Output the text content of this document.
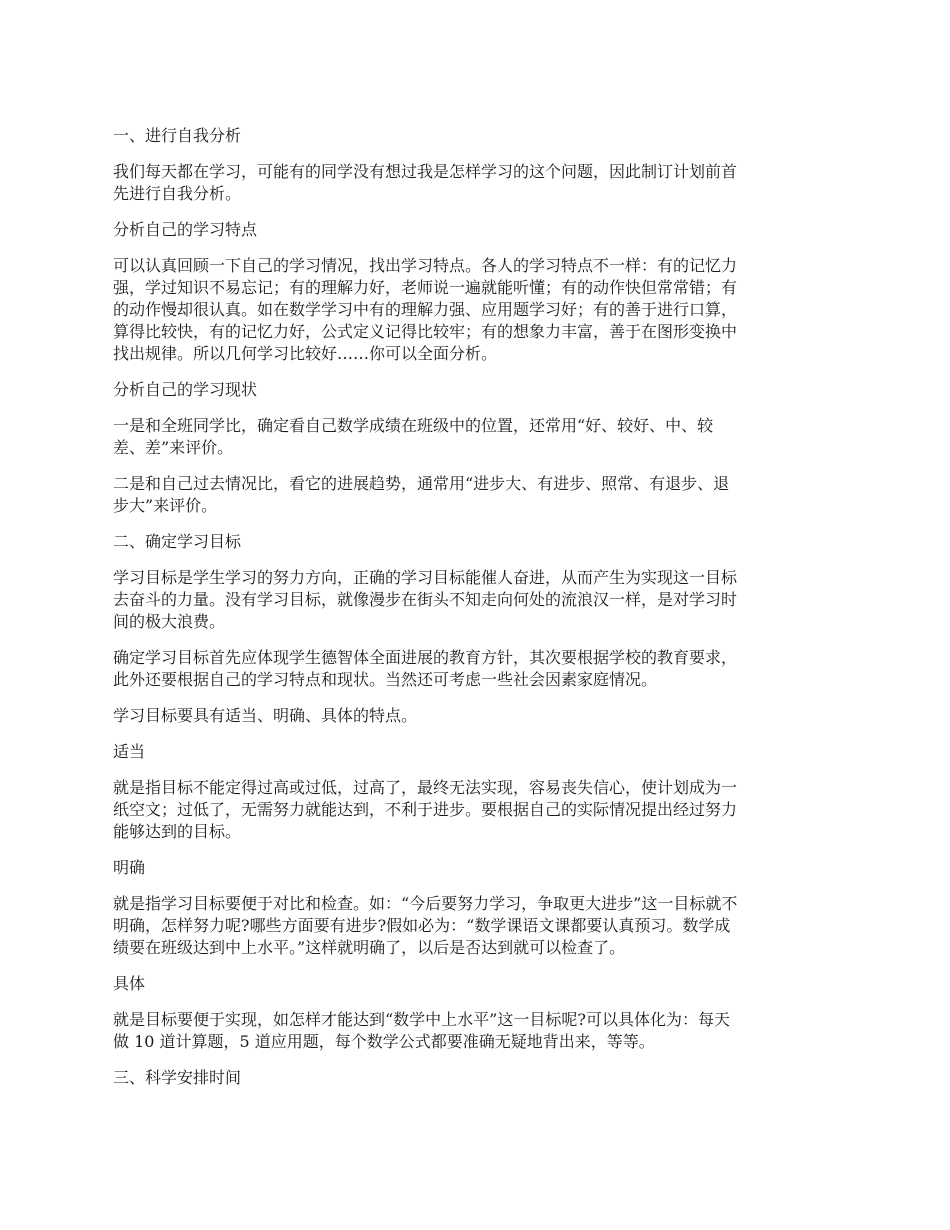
一、进行自我分析
我们每天都在学习，可能有的同学没有想过我是怎样学习的这个问题，因此制订计划前首
先进行自我分析。
分析自己的学习特点
可以认真回顾一下自己的学习情况，找出学习特点。各人的学习特点不一样：有的记忆力
强，学过知识不易忘记；有的理解力好，老师说一遍就能听懂；有的动作快但常常错；有
的动作慢却很认真。如在数学学习中有的理解力强、应用题学习好；有的善于进行口算，
算得比较快，有的记忆力好，公式定义记得比较牢；有的想象力丰富，善于在图形变换中
找出规律。所以几何学习比较好……你可以全面分析。
分析自己的学习现状
一是和全班同学比，确定看自己数学成绩在班级中的位置，还常用“好、较好、中、较
差、差”来评价。
二是和自己过去情况比，看它的进展趋势，通常用“进步大、有进步、照常、有退步、退
步大”来评价。
二、确定学习目标
学习目标是学生学习的努力方向，正确的学习目标能催人奋进，从而产生为实现这一目标
去奋斗的力量。没有学习目标，就像漫步在街头不知走向何处的流浪汉一样，是对学习时
间的极大浪费。
确定学习目标首先应体现学生德智体全面进展的教育方针，其次要根据学校的教育要求，
此外还要根据自己的学习特点和现状。当然还可考虑一些社会因素家庭情况。
学习目标要具有适当、明确、具体的特点。
适当
就是指目标不能定得过高或过低，过高了，最终无法实现，容易丧失信心，使计划成为一
纸空文；过低了，无需努力就能达到，不利于进步。要根据自己的实际情况提出经过努力
能够达到的目标。
明确
就是指学习目标要便于对比和检查。如：“今后要努力学习，争取更大进步”这一目标就不
明确，怎样努力呢?哪些方面要有进步?假如必为：“数学课语文课都要认真预习。数学成
绩要在班级达到中上水平。”这样就明确了，以后是否达到就可以检查了。
具体
就是目标要便于实现，如怎样才能达到“数学中上水平”这一目标呢?可以具体化为：每天
做 10 道计算题，5 道应用题，每个数学公式都要准确无疑地背出来，等等。
三、科学安排时间
